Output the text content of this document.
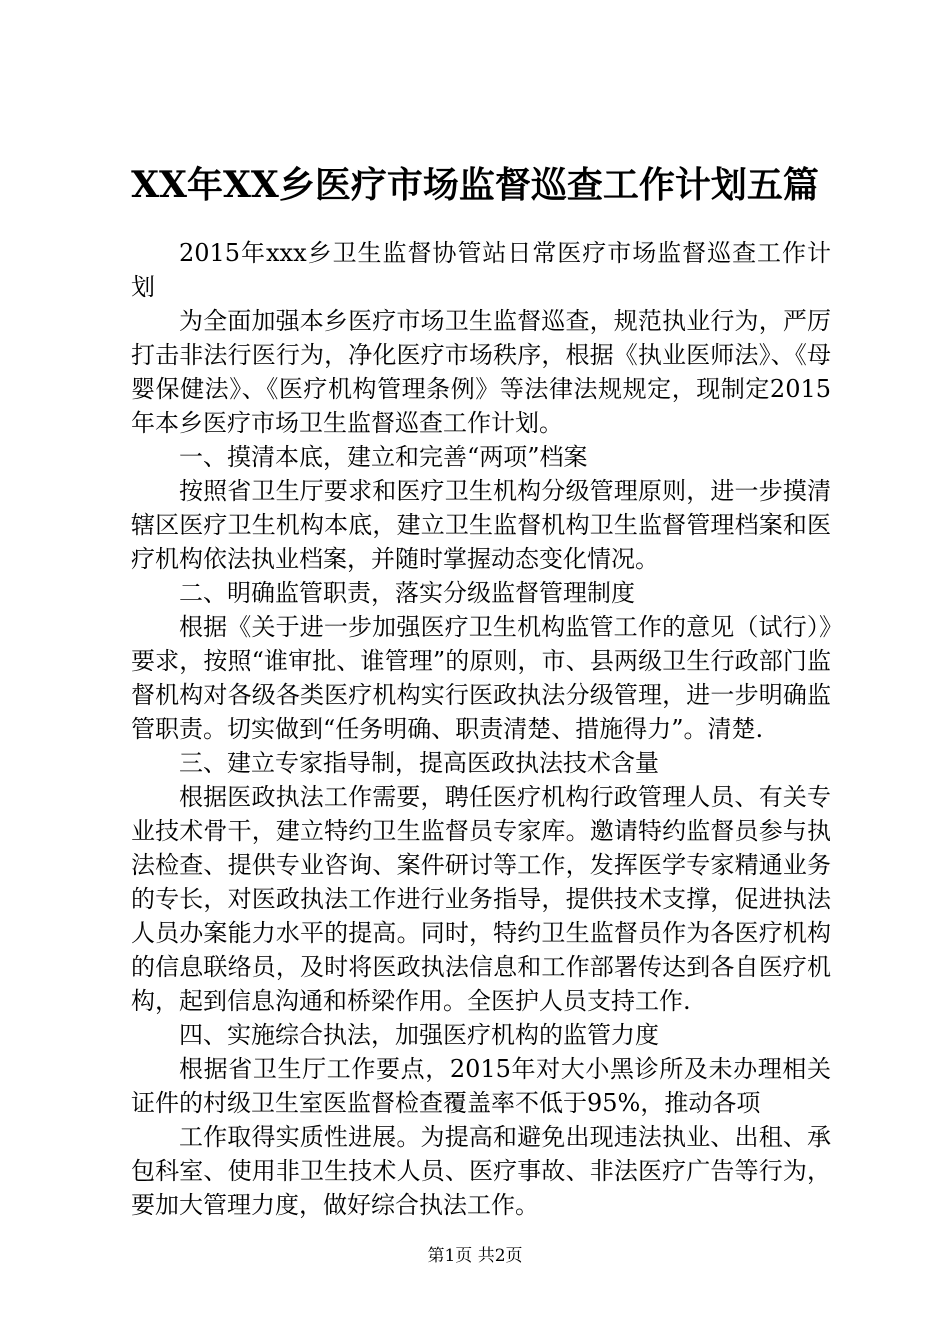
XX年XX乡医疗市场监督巡查工作计划五篇

2015年xxx乡卫生监督协管站日常医疗市场监督巡查工作计划

为全面加强本乡医疗市场卫生监督巡查，规范执业行为，严厉打击非法行医行为，净化医疗市场秩序，根据《执业医师法》、《母婴保健法》、《医疗机构管理条例》等法律法规规定，现制定2015年本乡医疗市场卫生监督巡查工作计划。

一、摸清本底，建立和完善“两项”档案

按照省卫生厅要求和医疗卫生机构分级管理原则，进一步摸清辖区医疗卫生机构本底，建立卫生监督机构卫生监督管理档案和医疗机构依法执业档案，并随时掌握动态变化情况。

二、明确监管职责，落实分级监督管理制度

根据《关于进一步加强医疗卫生机构监管工作的意见（试行）》要求，按照“谁审批、谁管理”的原则，市、县两级卫生行政部门监督机构对各级各类医疗机构实行医政执法分级管理，进一步明确监管职责。切实做到“任务明确、职责清楚、措施得力”。清楚.

三、建立专家指导制，提高医政执法技术含量

根据医政执法工作需要，聘任医疗机构行政管理人员、有关专业技术骨干，建立特约卫生监督员专家库。邀请特约监督员参与执法检查、提供专业咨询、案件研讨等工作，发挥医学专家精通业务的专长，对医政执法工作进行业务指导，提供技术支撑，促进执法人员办案能力水平的提高。同时，特约卫生监督员作为各医疗机构的信息联络员，及时将医政执法信息和工作部署传达到各自医疗机构，起到信息沟通和桥梁作用。全医护人员支持工作.

四、实施综合执法，加强医疗机构的监管力度

根据省卫生厅工作要点，2015年对大小黑诊所及未办理相关证件的村级卫生室医监督检查覆盖率不低于95%，推动各项

工作取得实质性进展。为提高和避免出现违法执业、出租、承包科室、使用非卫生技术人员、医疗事故、非法医疗广告等行为，要加大管理力度，做好综合执法工作。

第1页 共2页
